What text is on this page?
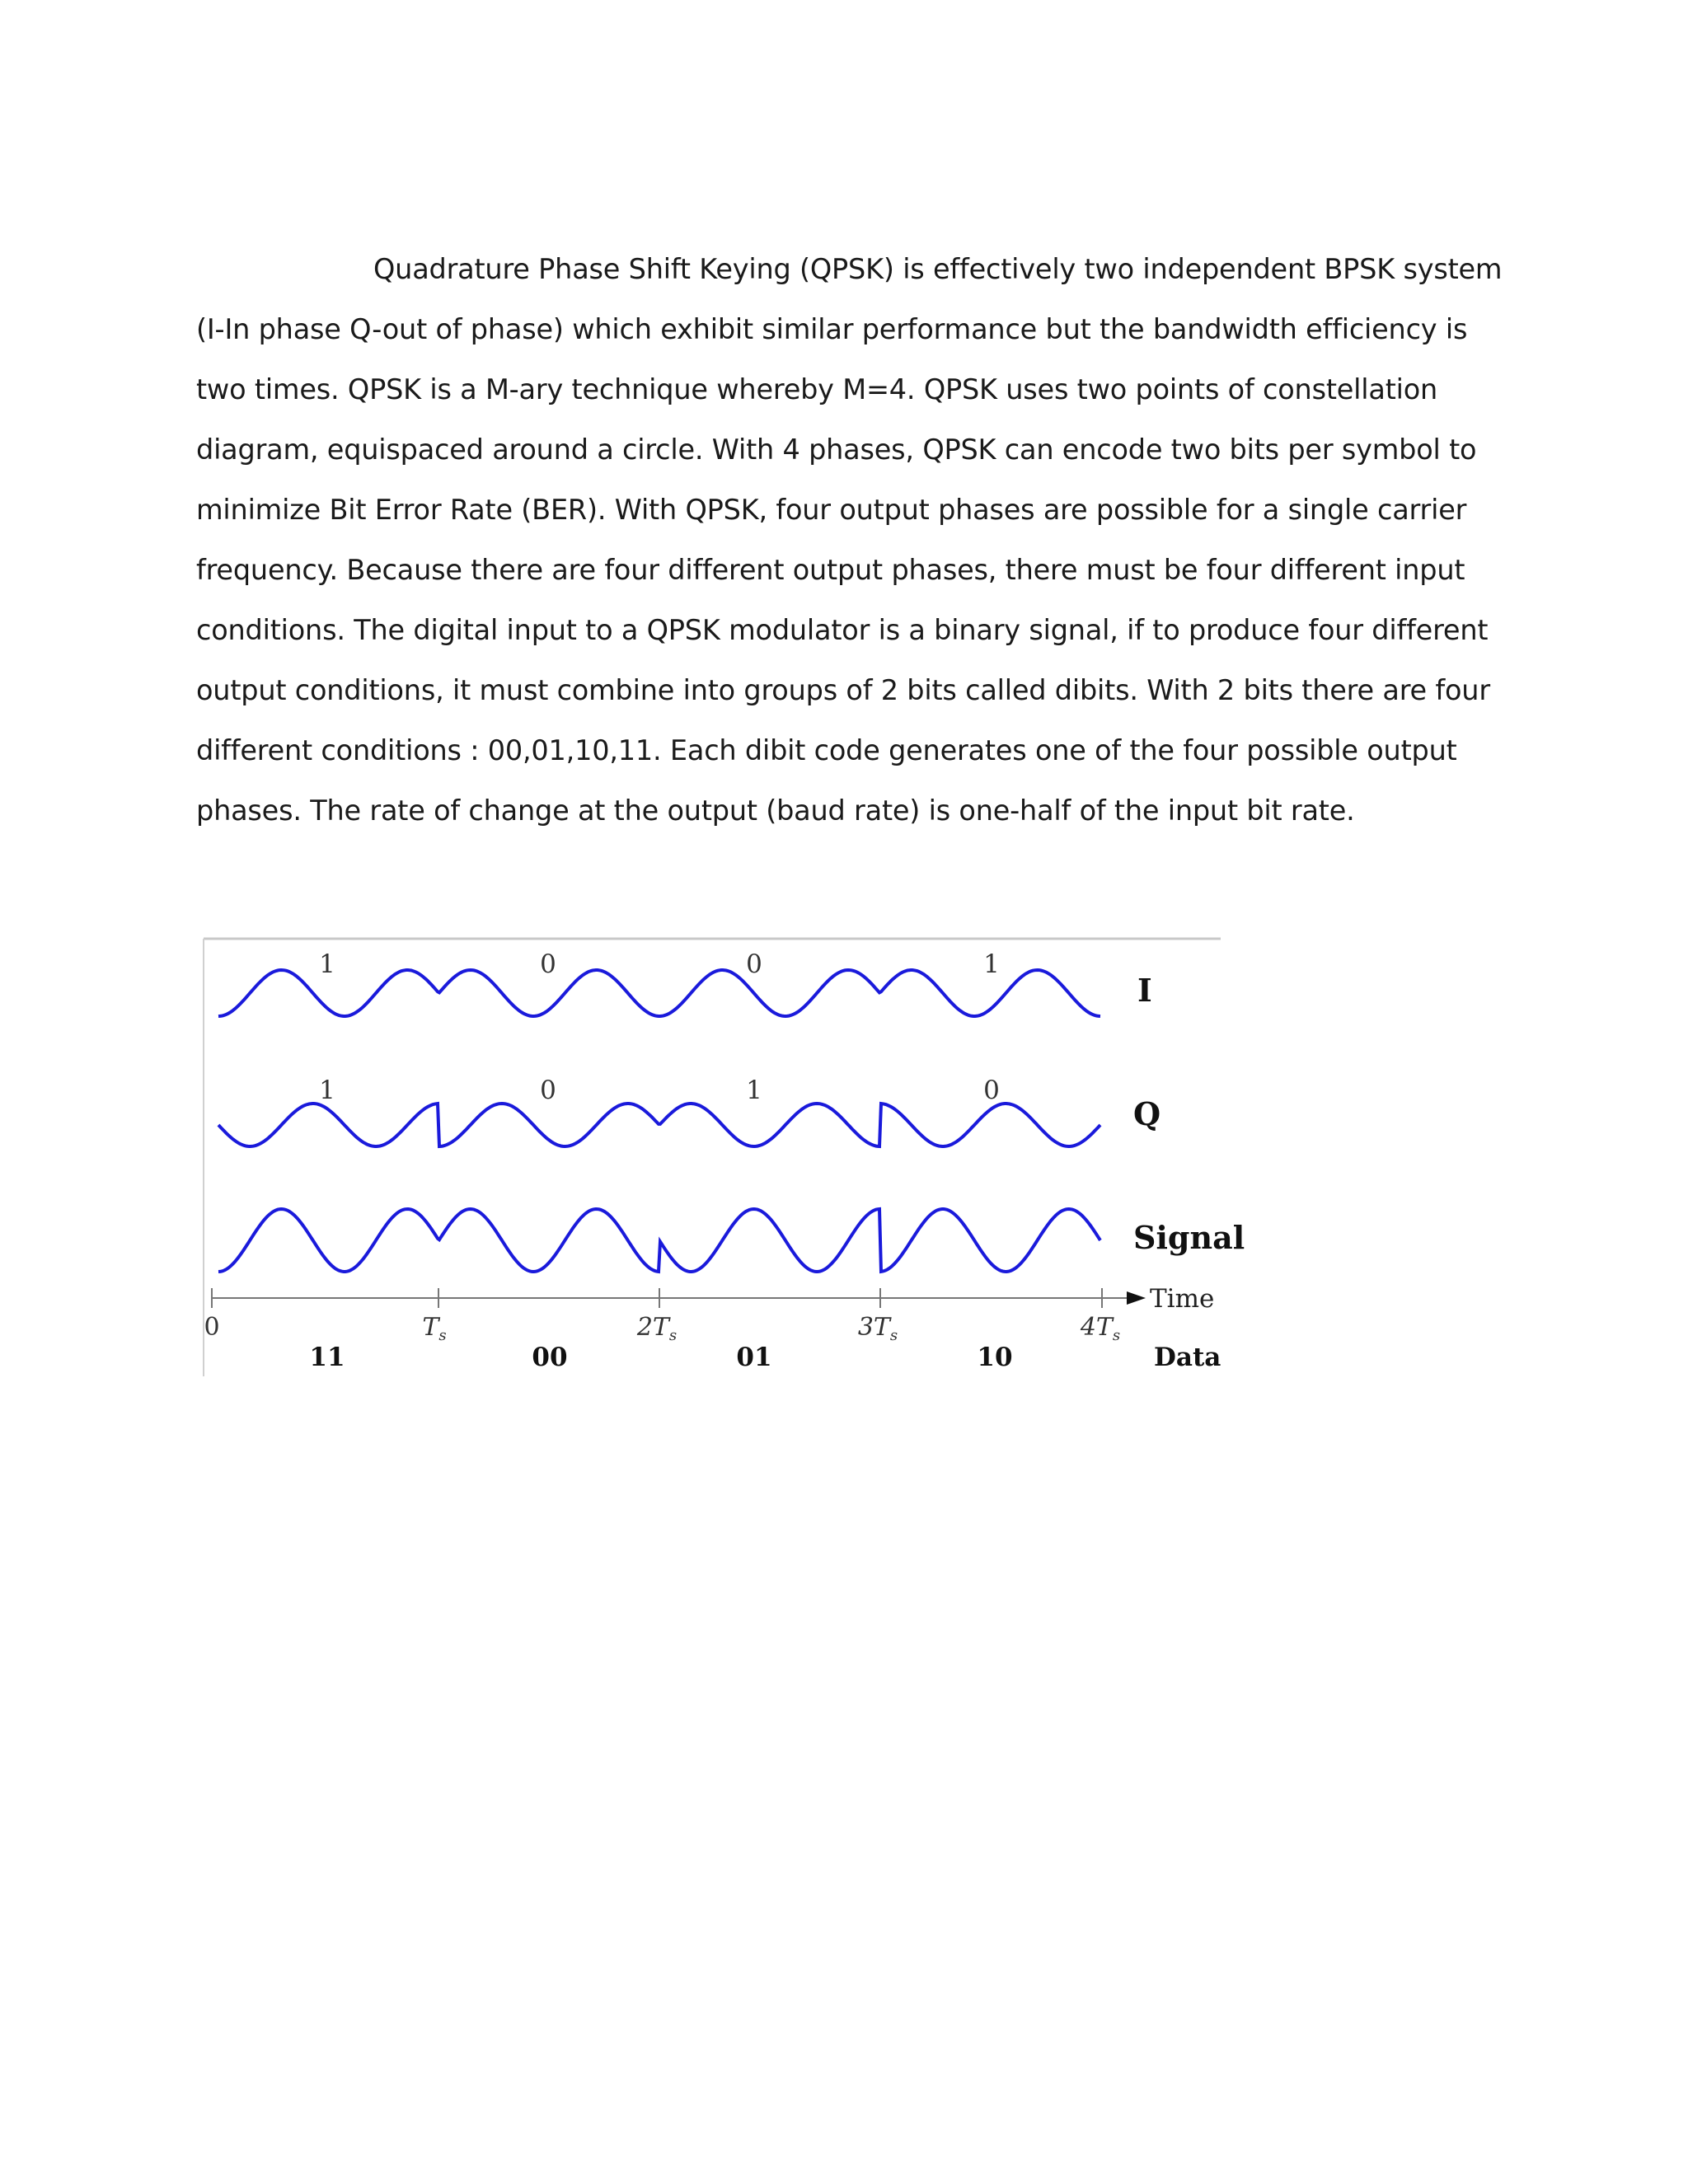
Quadrature Phase Shift Keying (QPSK) is effectively two independent BPSK system (I-In phase Q-out of phase) which exhibit similar performance but the bandwidth efficiency is two times. QPSK is a M-ary technique whereby M=4. QPSK uses two points of constellation diagram, equispaced around a circle. With 4 phases, QPSK can encode two bits per symbol to minimize Bit Error Rate (BER). With QPSK, four output phases are possible for a single carrier frequency. Because there are four different output phases, there must be four different input conditions. The digital input to a QPSK modulator is a binary signal, if to produce four different output conditions, it must combine into groups of 2 bits called dibits. With 2 bits there are four different conditions : 00,01,10,11. Each dibit code generates one of the four possible output phases. The rate of change at the output (baud rate) is one-half of the input bit rate.

1	0	0	1
I
1	0	1	0
Q
Signal
Time
0	$T_s$	$2T_s$	$3T_s$	$4T_s$
11	00	01	10	Data
